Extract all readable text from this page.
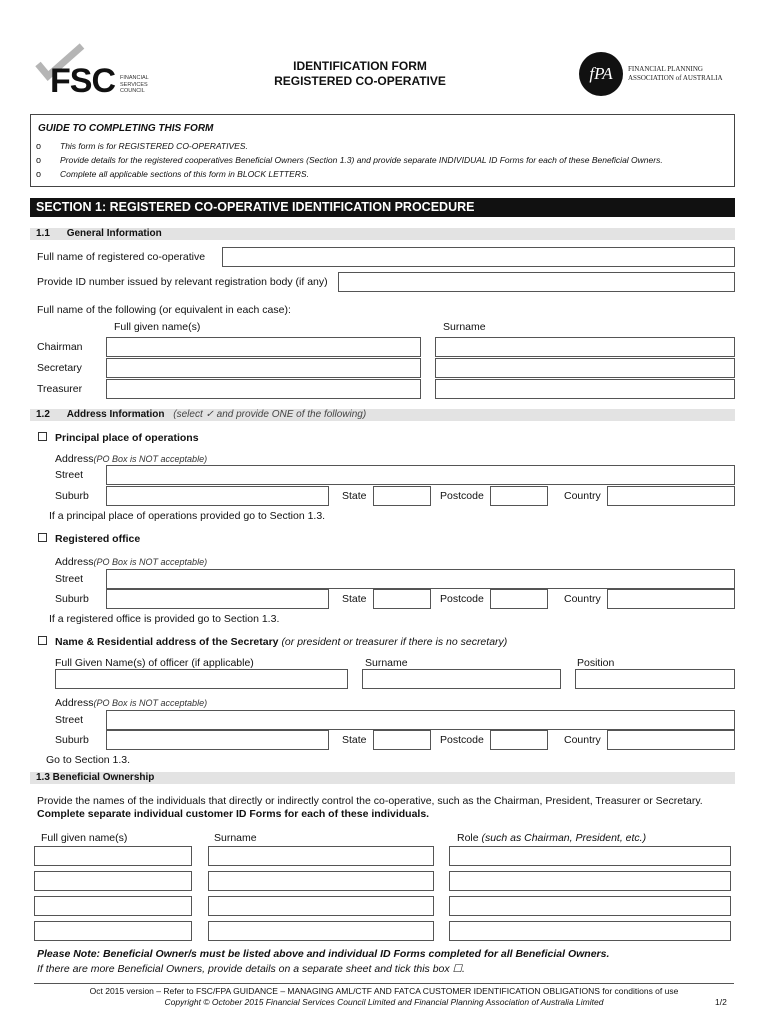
FSC FINANCIAL
SERVICES
COUNCIL
IDENTIFICATION FORM
REGISTERED CO-OPERATIVE	fPA	FINANCIAL PLANNING
ASSOCIATION of AUSTRALIA
GUIDE TO COMPLETING THIS FORM
o This form is for REGISTERED CO-OPERATIVES.
o Provide details for the registered cooperatives Beneficial Owners (Section 1.3) and provide separate INDIVIDUAL ID Forms for each of these Beneficial Owners.
o Complete all applicable sections of this form in BLOCK LETTERS.
SECTION 1: REGISTERED CO-OPERATIVE IDENTIFICATION PROCEDURE
1.1 General Information
Full name of registered co-operative
Provide ID number issued by relevant registration body (if any)
Full name of the following (or equivalent in each case):
Full given name(s)	Surname
Chairman
Secretary
Treasurer
1.2 Address Information (select ✓ and provide ONE of the following)
Principal place of operations
Address(PO Box is NOT acceptable)
Street
Suburb	State	Postcode	Country
If a principal place of operations provided go to Section 1.3.
Registered office
Address(PO Box is NOT acceptable)
Street
Suburb	State	Postcode	Country
If a registered office is provided go to Section 1.3.
Name & Residential address of the Secretary (or president or treasurer if there is no secretary)
Full Given Name(s) of officer (if applicable)	Surname	Position
Address(PO Box is NOT acceptable)
Street
Suburb	State	Postcode	Country
Go to Section 1.3.
1.3 Beneficial Ownership
Provide the names of the individuals that directly or indirectly control the co-operative, such as the Chairman, President, Treasurer or Secretary.
Complete separate individual customer ID Forms for each of these individuals.
Full given name(s)	Surname	Role (such as Chairman, President, etc.)
Please Note: Beneficial Owner/s must be listed above and individual ID Forms completed for all Beneficial Owners.
If there are more Beneficial Owners, provide details on a separate sheet and tick this box ☐.
Oct 2015 version – Refer to FSC/FPA GUIDANCE – MANAGING AML/CTF AND FATCA CUSTOMER IDENTIFICATION OBLIGATIONS for conditions of use
Copyright © October 2015 Financial Services Council Limited and Financial Planning Association of Australia Limited	1/2
